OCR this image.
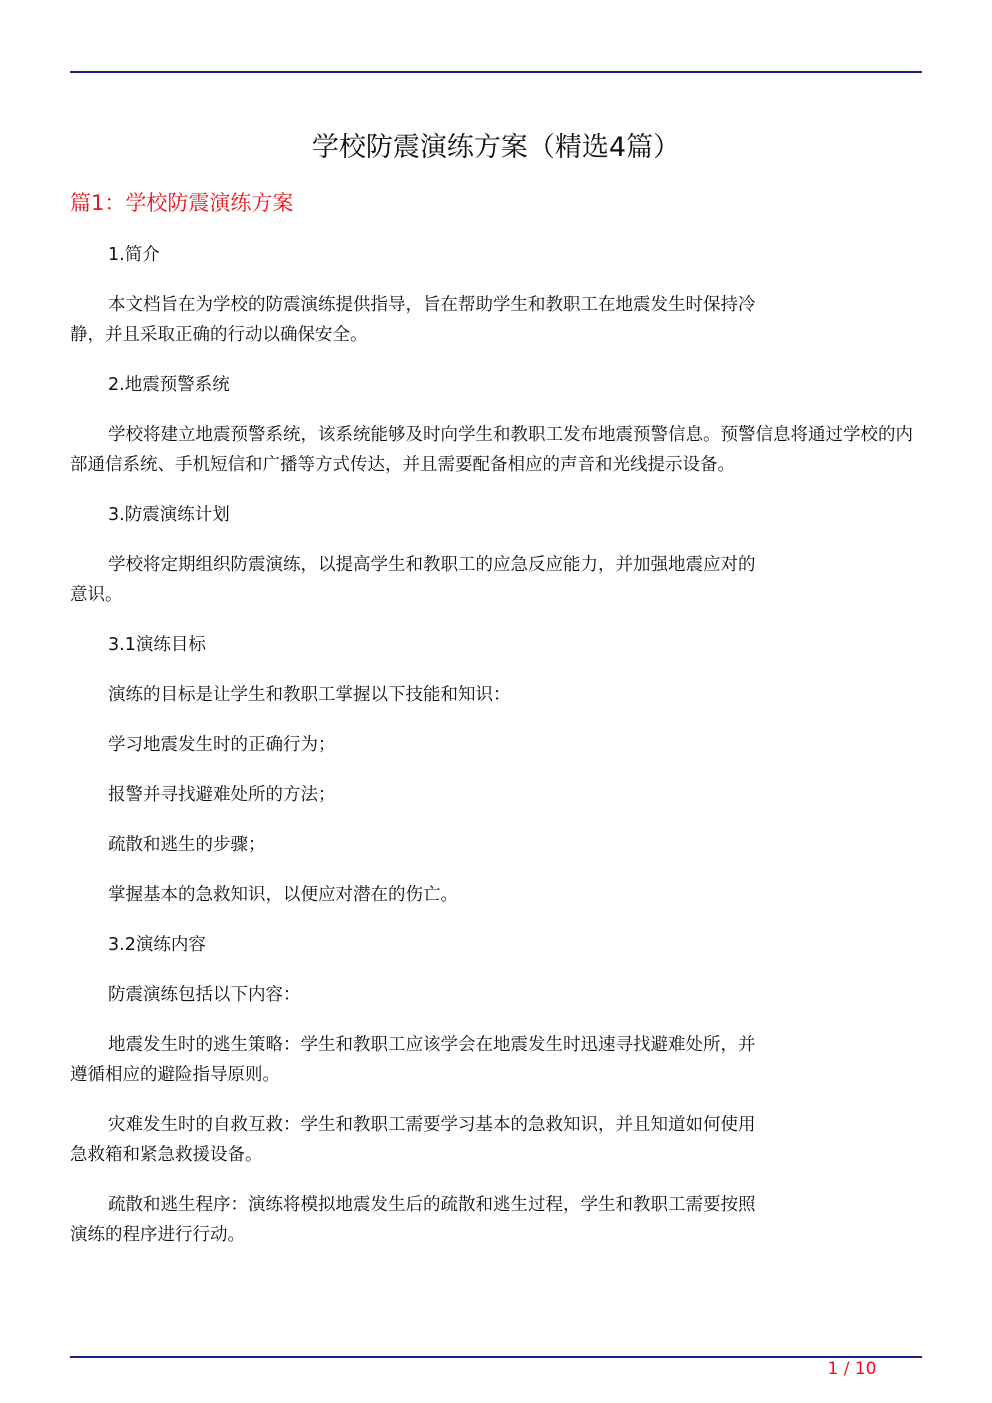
学校防震演练方案（精选4篇）
篇1：学校防震演练方案

1.简介

本文档旨在为学校的防震演练提供指导，旨在帮助学生和教职工在地震发生时保持冷静，并且采取正确的行动以确保安全。

2.地震预警系统

学校将建立地震预警系统，该系统能够及时向学生和教职工发布地震预警信息。预警信息将通过学校的内部通信系统、手机短信和广播等方式传达，并且需要配备相应的声音和光线提示设备。

3.防震演练计划

学校将定期组织防震演练，以提高学生和教职工的应急反应能力，并加强地震应对的意识。

3.1演练目标

演练的目标是让学生和教职工掌握以下技能和知识：

学习地震发生时的正确行为；

报警并寻找避难处所的方法；

疏散和逃生的步骤；

掌握基本的急救知识，以便应对潜在的伤亡。

3.2演练内容

防震演练包括以下内容：

地震发生时的逃生策略：学生和教职工应该学会在地震发生时迅速寻找避难处所，并遵循相应的避险指导原则。

灾难发生时的自救互救：学生和教职工需要学习基本的急救知识，并且知道如何使用急救箱和紧急救援设备。

疏散和逃生程序：演练将模拟地震发生后的疏散和逃生过程，学生和教职工需要按照演练的程序进行行动。

1 / 10
